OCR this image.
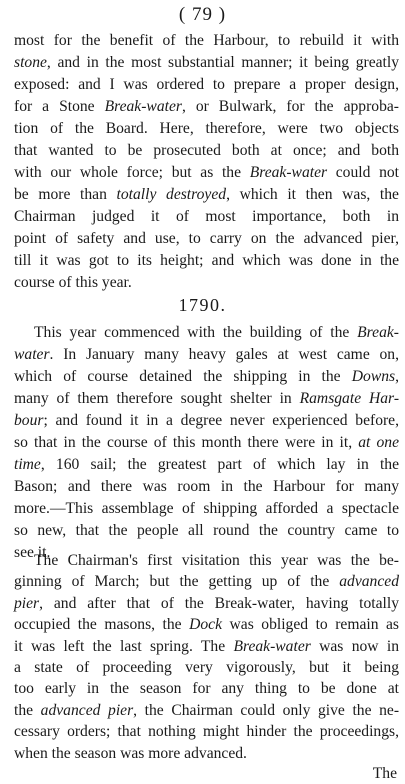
( 79 )
most for the benefit of the Harbour, to rebuild it with
stone, and in the most substantial manner; it being greatly
exposed: and I was ordered to prepare a proper design,
for a Stone Break-water, or Bulwark, for the approba-
tion of the Board. Here, therefore, were two objects
that wanted to be prosecuted both at once; and both
with our whole force; but as the Break-water could not
be more than totally destroyed, which it then was, the
Chairman judged it of most importance, both in
point of safety and use, to carry on the advanced pier,
till it was got to its height; and which was done in the
course of this year.
1790.
This year commenced with the building of the Break-
water. In January many heavy gales at west came on,
which of course detained the shipping in the Downs,
many of them therefore sought shelter in Ramsgate Har-
bour; and found it in a degree never experienced before,
so that in the course of this month there were in it, at one
time, 160 sail; the greatest part of which lay in the
Bason; and there was room in the Harbour for many
more.—This assemblage of shipping afforded a spectacle
so new, that the people all round the country came to
see it.
The Chairman's first visitation this year was the be-
ginning of March; but the getting up of the advanced
pier, and after that of the Break-water, having totally
occupied the masons, the Dock was obliged to remain as
it was left the last spring. The Break-water was now in
a state of proceeding very vigorously, but it being
too early in the season for any thing to be done at
the advanced pier, the Chairman could only give the ne-
cessary orders; that nothing might hinder the proceedings,
when the season was more advanced.
The
